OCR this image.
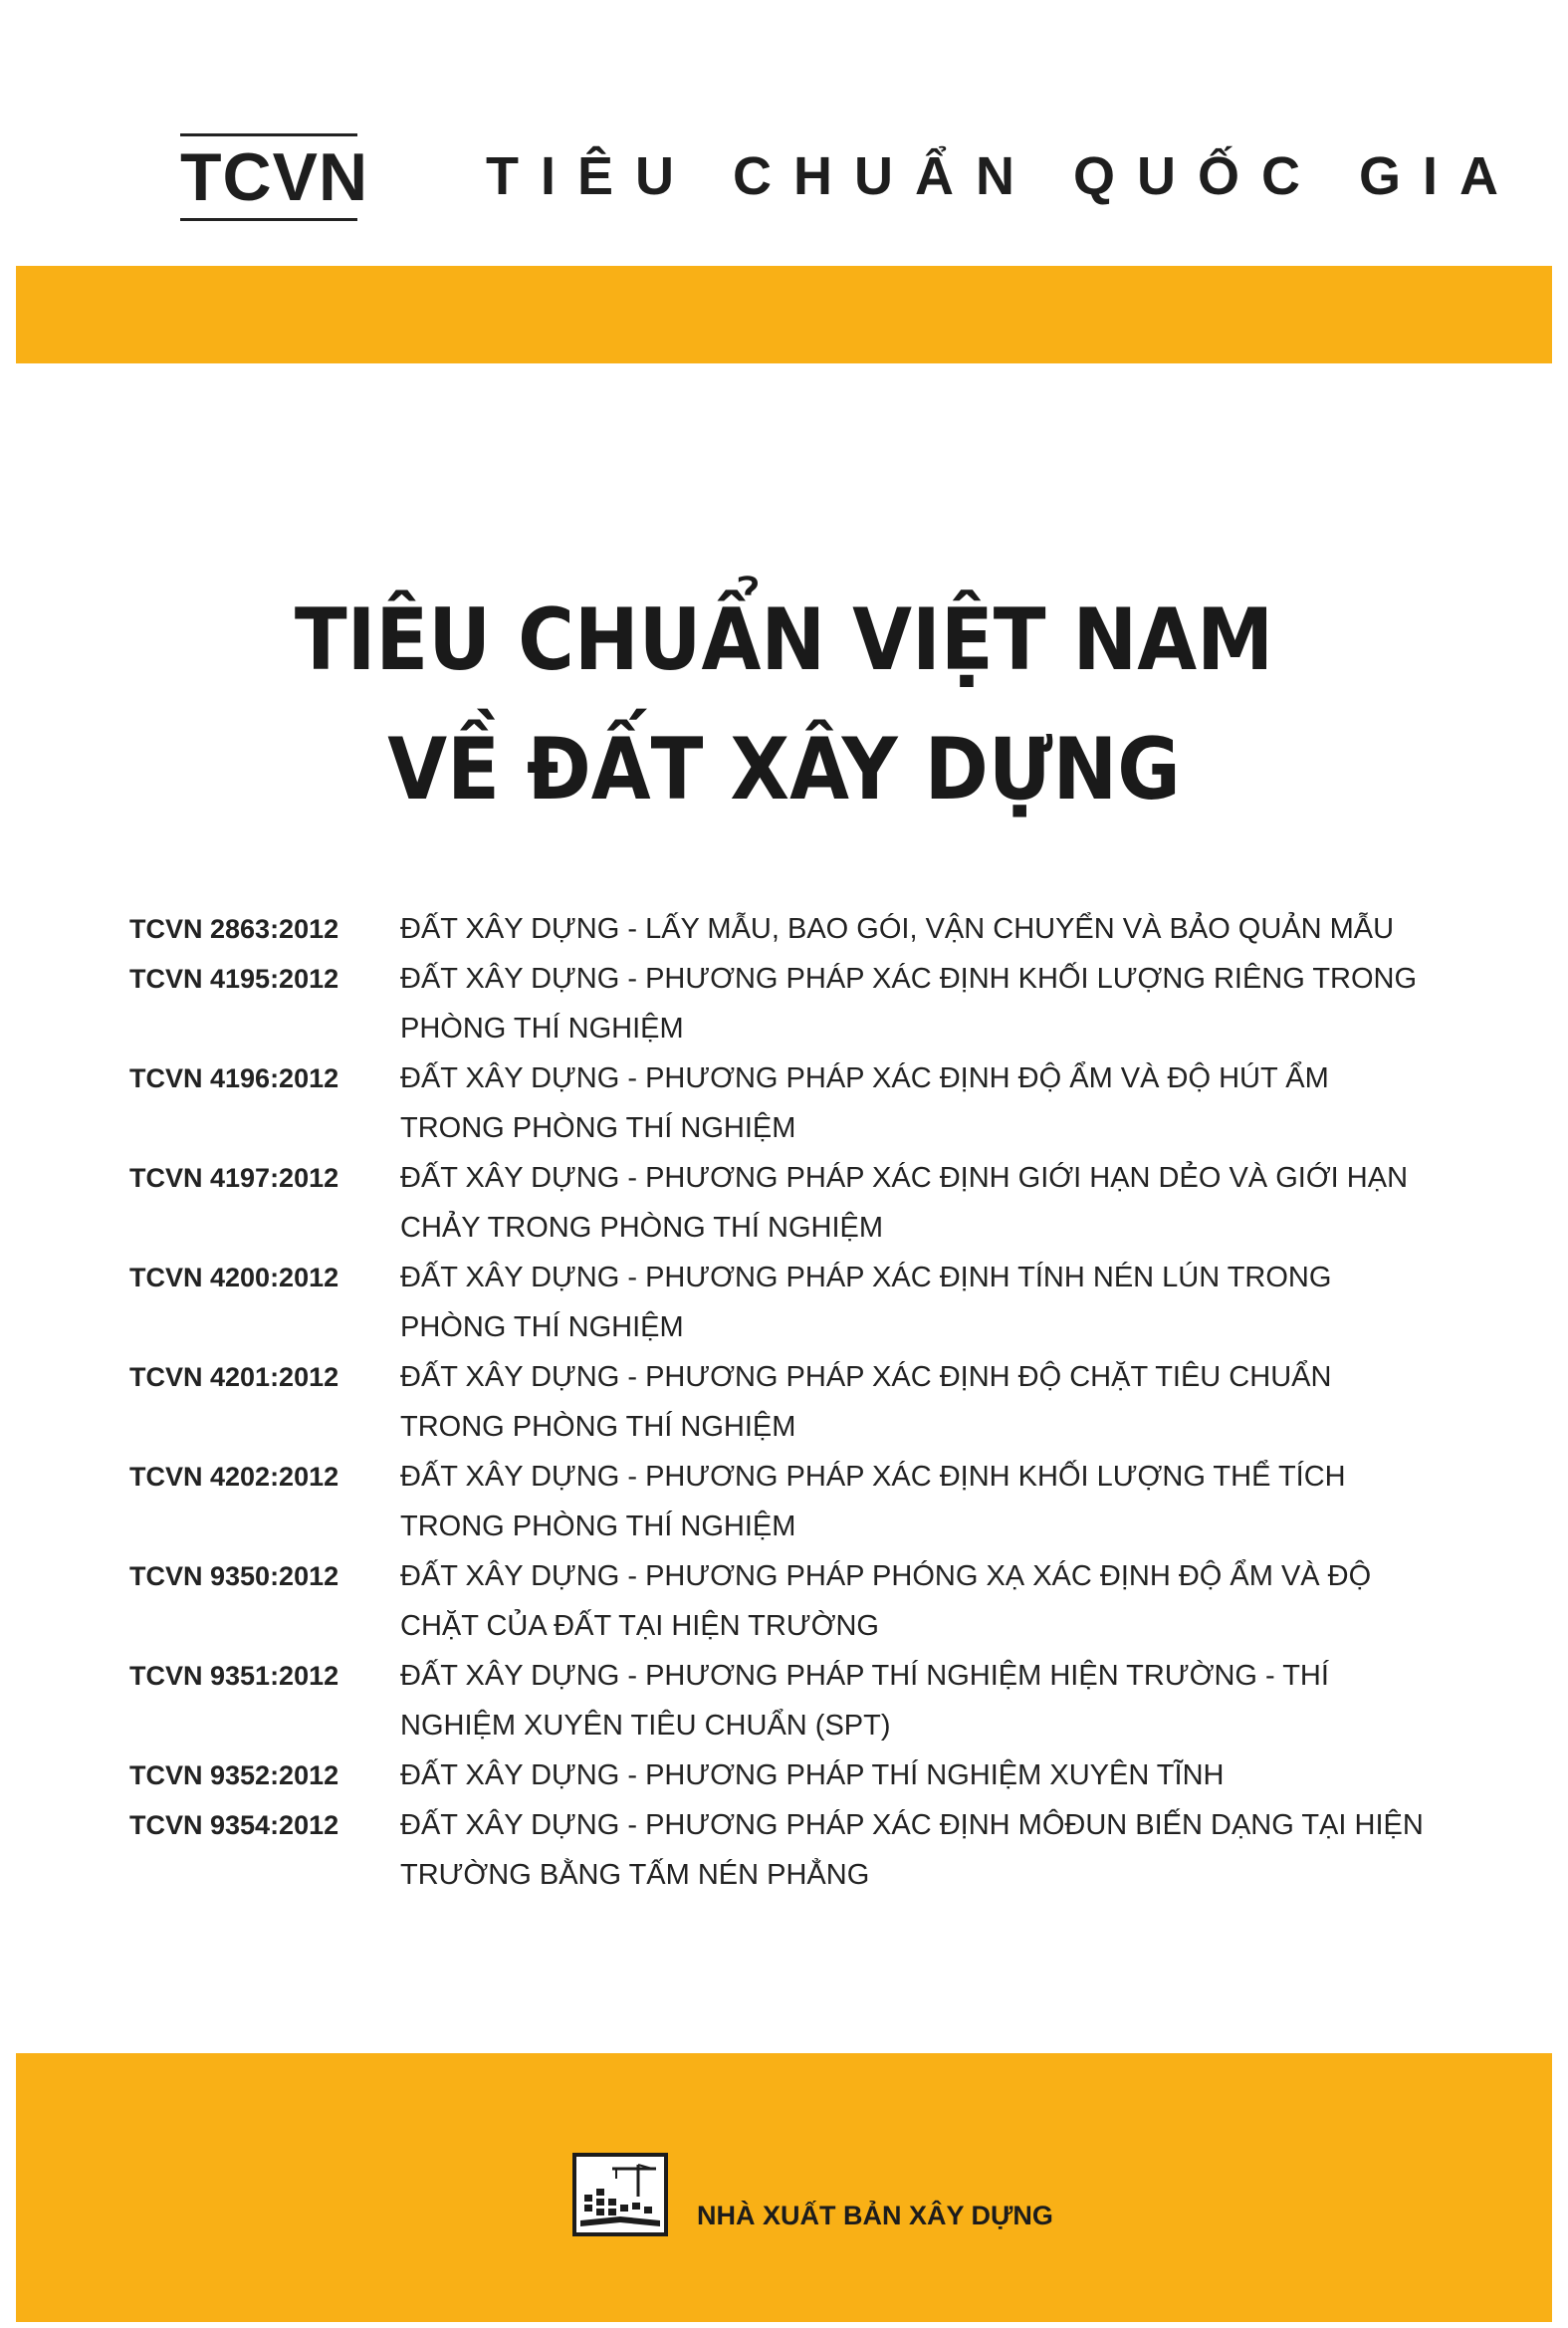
TCVN TIÊU CHUẨN QUỐC GIA
TIÊU CHUẨN VIỆT NAM
VỀ ĐẤT XÂY DỰNG
TCVN 2863:2012	ĐẤT XÂY DỰNG - LẤY MẪU, BAO GÓI, VẬN CHUYỂN VÀ BẢO QUẢN MẪU
TCVN 4195:2012	ĐẤT XÂY DỰNG - PHƯƠNG PHÁP XÁC ĐỊNH KHỐI LƯỢNG RIÊNG TRONG PHÒNG THÍ NGHIỆM
TCVN 4196:2012	ĐẤT XÂY DỰNG - PHƯƠNG PHÁP XÁC ĐỊNH ĐỘ ẨM VÀ ĐỘ HÚT ẨM TRONG PHÒNG THÍ NGHIỆM
TCVN 4197:2012	ĐẤT XÂY DỰNG - PHƯƠNG PHÁP XÁC ĐỊNH GIỚI HẠN DẺO VÀ GIỚI HẠN CHẢY TRONG PHÒNG THÍ NGHIỆM
TCVN 4200:2012	ĐẤT XÂY DỰNG - PHƯƠNG PHÁP XÁC ĐỊNH TÍNH NÉN LÚN TRONG PHÒNG THÍ NGHIỆM
TCVN 4201:2012	ĐẤT XÂY DỰNG - PHƯƠNG PHÁP XÁC ĐỊNH ĐỘ CHẶT TIÊU CHUẨN TRONG PHÒNG THÍ NGHIỆM
TCVN 4202:2012	ĐẤT XÂY DỰNG - PHƯƠNG PHÁP XÁC ĐỊNH KHỐI LƯỢNG THỂ TÍCH TRONG PHÒNG THÍ NGHIỆM
TCVN 9350:2012	ĐẤT XÂY DỰNG - PHƯƠNG PHÁP PHÓNG XẠ XÁC ĐỊNH ĐỘ ẨM VÀ ĐỘ CHẶT CỦA ĐẤT TẠI HIỆN TRƯỜNG
TCVN 9351:2012	ĐẤT XÂY DỰNG - PHƯƠNG PHÁP THÍ NGHIỆM HIỆN TRƯỜNG - THÍ NGHIỆM XUYÊN TIÊU CHUẨN (SPT)
TCVN 9352:2012	ĐẤT XÂY DỰNG - PHƯƠNG PHÁP THÍ NGHIỆM XUYÊN TĨNH
TCVN 9354:2012	ĐẤT XÂY DỰNG - PHƯƠNG PHÁP XÁC ĐỊNH MÔĐUN BIẾN DẠNG TẠI HIỆN TRƯỜNG BẰNG TẤM NÉN PHẲNG
NHÀ XUẤT BẢN XÂY DỰNG
